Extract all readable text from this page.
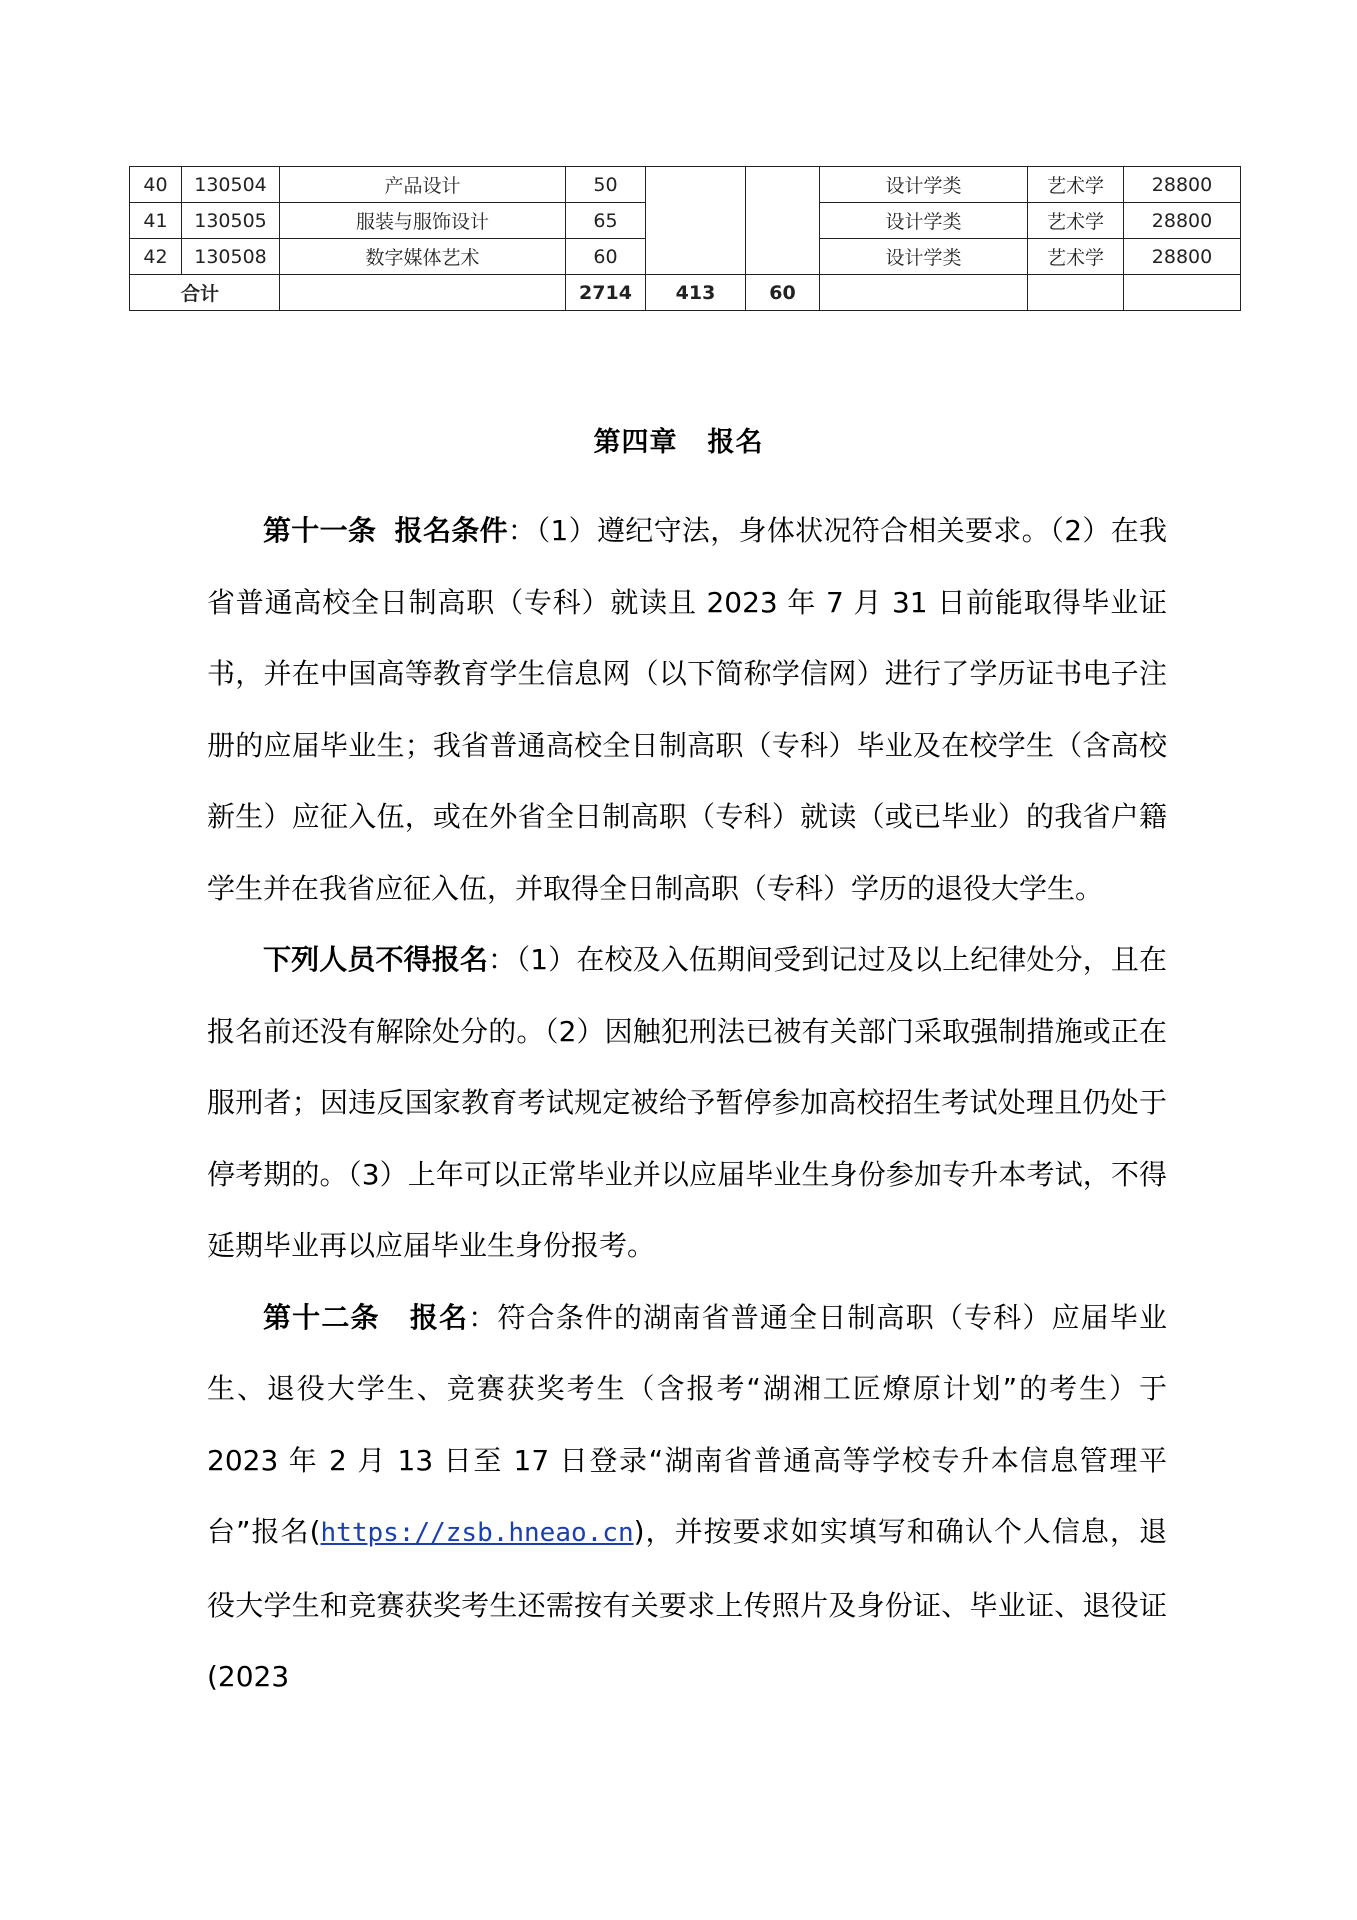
40	130504	产品设计	50			设计学类	艺术学	28800
41	130505	服装与服饰设计	65			设计学类	艺术学	28800
42	130508	数字媒体艺术	60			设计学类	艺术学	28800
合计			2714	413	60			
第四章 报名

第十一条 报名条件：（1）遵纪守法，身体状况符合相关要求。（2）在我省普通高校全日制高职（专科）就读且 2023 年 7 月 31 日前能取得毕业证书，并在中国高等教育学生信息网（以下简称学信网）进行了学历证书电子注册的应届毕业生；我省普通高校全日制高职（专科）毕业及在校学生（含高校新生）应征入伍，或在外省全日制高职（专科）就读（或已毕业）的我省户籍学生并在我省应征入伍，并取得全日制高职（专科）学历的退役大学生。

下列人员不得报名：（1）在校及入伍期间受到记过及以上纪律处分，且在报名前还没有解除处分的。（2）因触犯刑法已被有关部门采取强制措施或正在服刑者；因违反国家教育考试规定被给予暂停参加高校招生考试处理且仍处于停考期的。（3）上年可以正常毕业并以应届毕业生身份参加专升本考试，不得延期毕业再以应届毕业生身份报考。

第十二条 报名：符合条件的湖南省普通全日制高职（专科）应届毕业生、退役大学生、竞赛获奖考生（含报考“湖湘工匠燎原计划”的考生）于 2023 年 2 月 13 日至 17 日登录“湖南省普通高等学校专升本信息管理平台”报名(https://zsb.hneao.cn)，并按要求如实填写和确认个人信息，退役大学生和竞赛获奖考生还需按有关要求上传照片及身份证、毕业证、退役证(2023
